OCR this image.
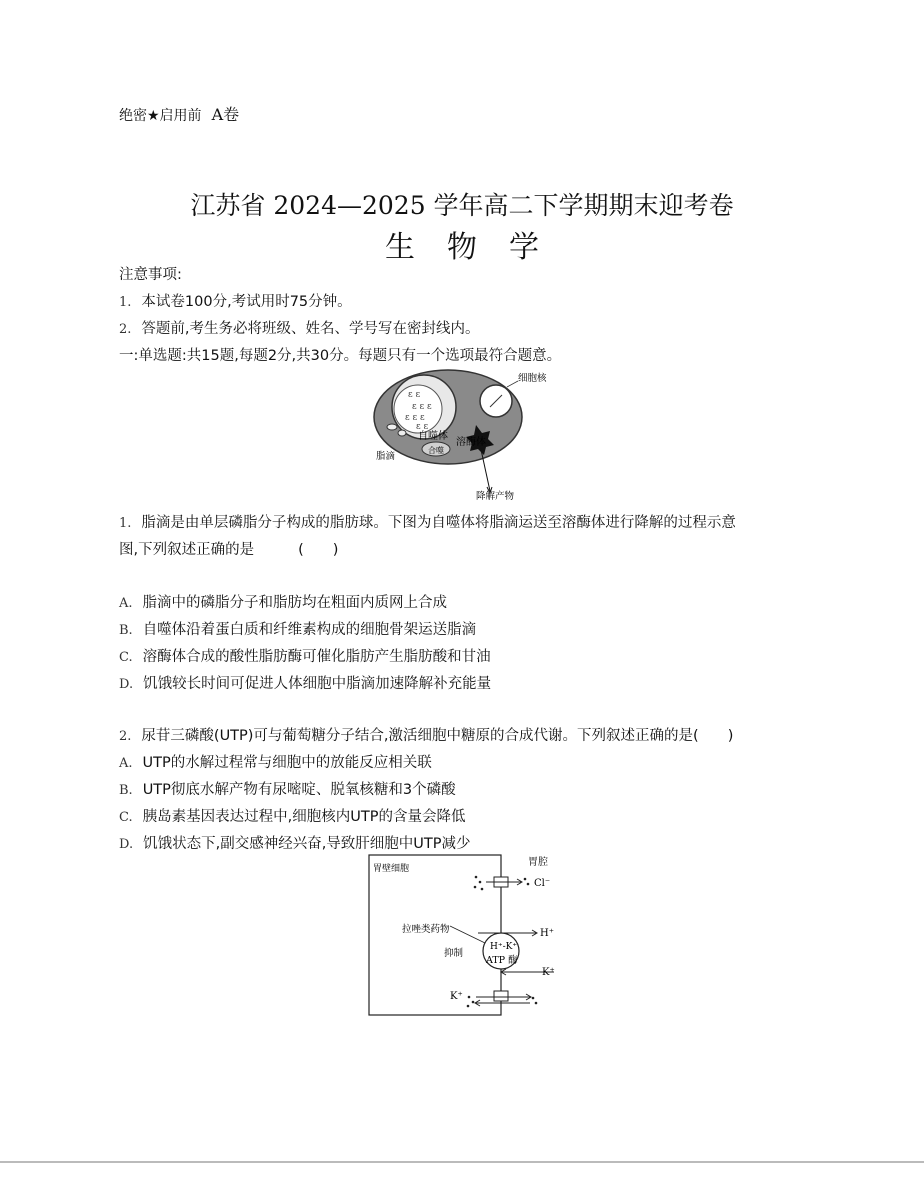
绝密★启用前 A卷
江苏省 2024—2025 学年高二下学期期末迎考卷
生物学
注意事项:
1. 本试卷100分,考试用时75分钟。
2. 答题前,考生务必将班级、姓名、学号写在密封线内。
一:单选题:共15题,每题2分,共30分。每题只有一个选项最符合题意。
ε ε
ε ε ε
ε ε ε
ε ε
细胞核
自噬体
溶酶体
合噬
脂滴
降解产物
1. 脂滴是由单层磷脂分子构成的脂肪球。下图为自噬体将脂滴运送至溶酶体进行降解的过程示意
图,下列叙述正确的是	(　　)
A. 脂滴中的磷脂分子和脂肪均在粗面内质网上合成
B. 自噬体沿着蛋白质和纤维素构成的细胞骨架运送脂滴
C. 溶酶体合成的酸性脂肪酶可催化脂肪产生脂肪酸和甘油
D. 饥饿较长时间可促进人体细胞中脂滴加速降解补充能量
2. 尿苷三磷酸(UTP)可与葡萄糖分子结合,激活细胞中糖原的合成代谢。下列叙述正确的是(　　)
A. UTP的水解过程常与细胞中的放能反应相关联
B. UTP彻底水解产物有尿嘧啶、脱氧核糖和3个磷酸
C. 胰岛素基因表达过程中,细胞核内UTP的含量会降低
D. 饥饿状态下,副交感神经兴奋,导致肝细胞中UTP减少
胃壁细胞
胃腔
Cl⁻
拉唑类药物
抑制
H⁺-K⁺
ATP 酶
H⁺
K⁺
K⁺
